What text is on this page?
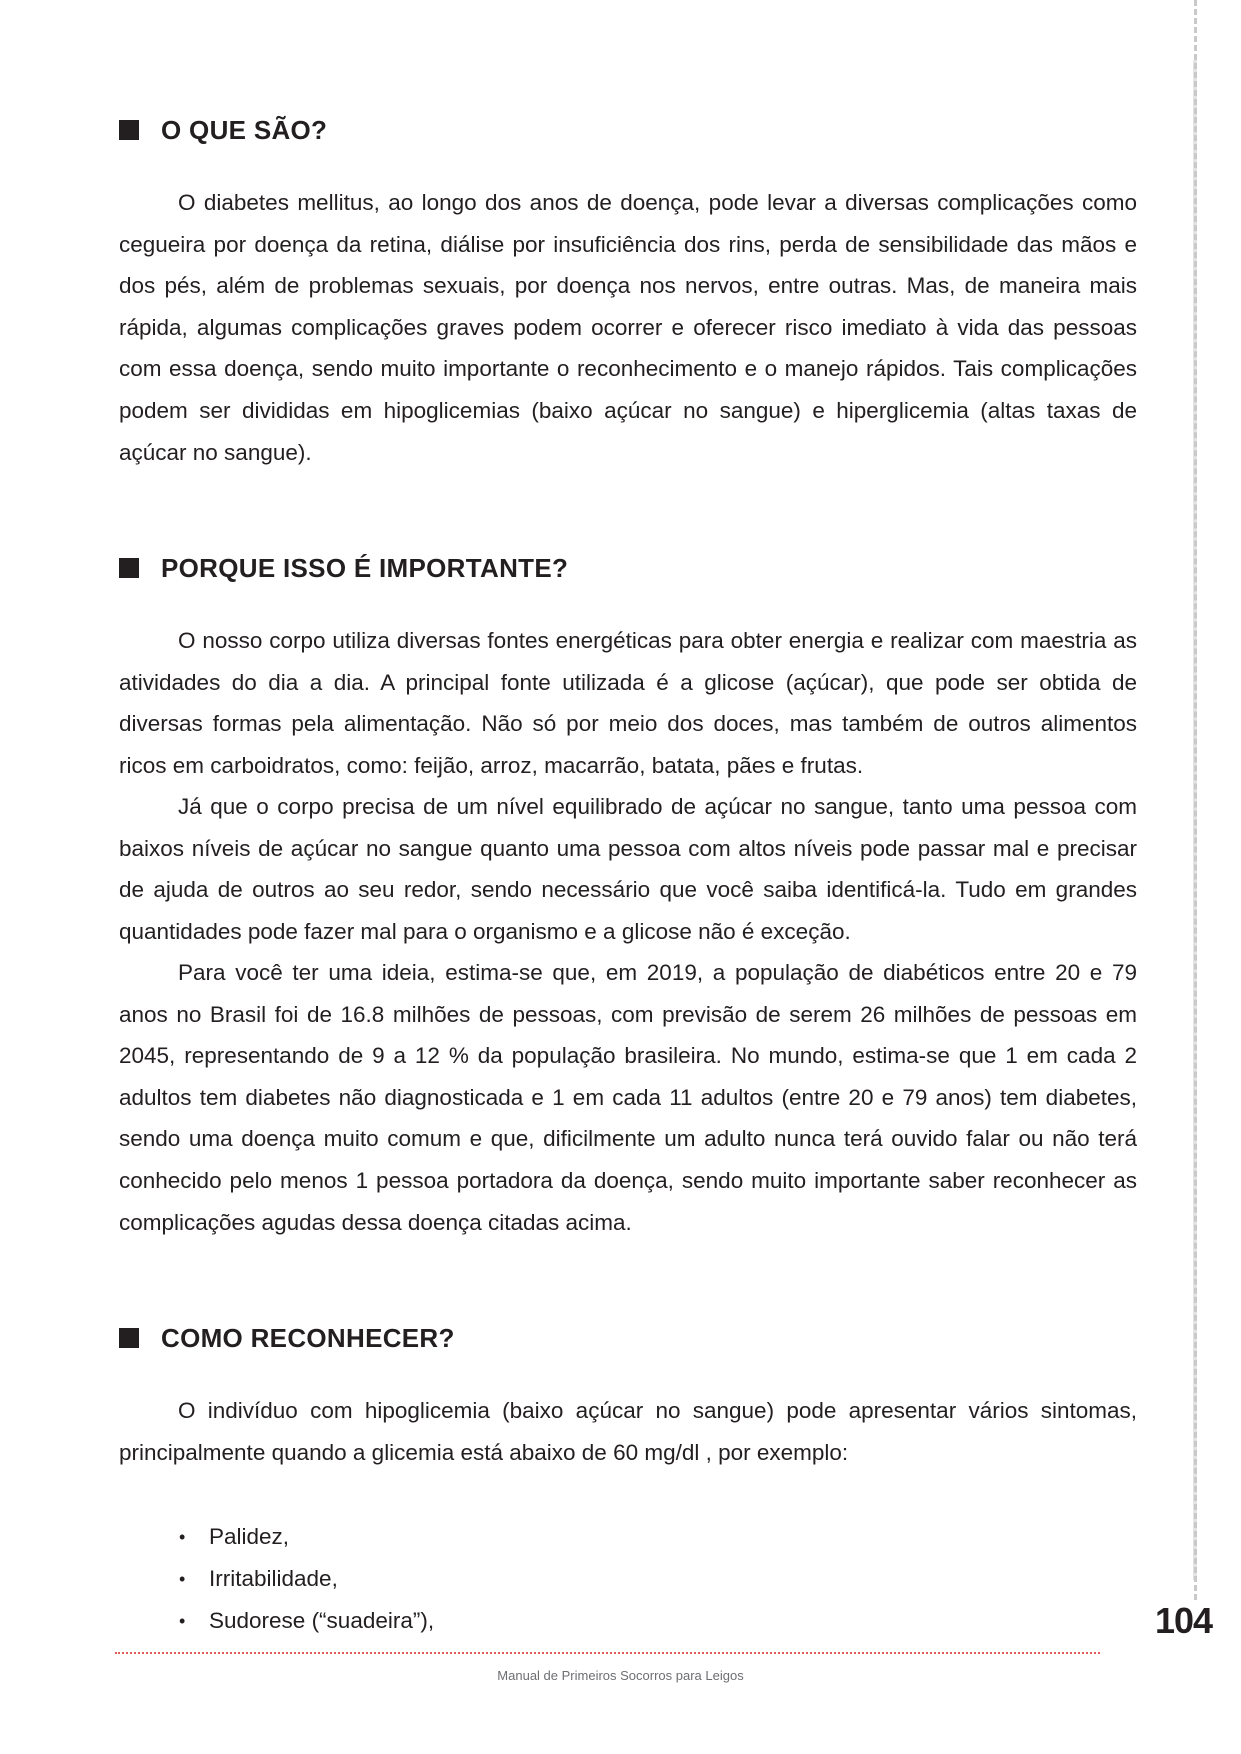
O QUE SÃO?

O diabetes mellitus, ao longo dos anos de doença, pode levar a diversas complicações como cegueira por doença da retina, diálise por insuficiência dos rins, perda de sensibilidade das mãos e dos pés, além de problemas sexuais, por doença nos nervos, entre outras. Mas, de maneira mais rápida, algumas complicações graves podem ocorrer e oferecer risco imediato à vida das pessoas com essa doença, sendo muito importante o reconhecimento e o manejo rápidos. Tais complicações podem ser divididas em hipoglicemias (baixo açúcar no sangue) e hiperglicemia (altas taxas de açúcar no sangue).

PORQUE ISSO É IMPORTANTE?

O nosso corpo utiliza diversas fontes energéticas para obter energia e realizar com maestria as atividades do dia a dia. A principal fonte utilizada é a glicose (açúcar), que pode ser obtida de diversas formas pela alimentação. Não só por meio dos doces, mas também de outros alimentos ricos em carboidratos, como: feijão, arroz, macarrão, batata, pães e frutas.

Já que o corpo precisa de um nível equilibrado de açúcar no sangue, tanto uma pessoa com baixos níveis de açúcar no sangue quanto uma pessoa com altos níveis pode passar mal e precisar de ajuda de outros ao seu redor, sendo necessário que você saiba identificá-la. Tudo em grandes quantidades pode fazer mal para o organismo e a glicose não é exceção.

Para você ter uma ideia, estima-se que, em 2019, a população de diabéticos entre 20 e 79 anos no Brasil foi de 16.8 milhões de pessoas, com previsão de serem 26 milhões de pessoas em 2045, representando de 9 a 12 % da população brasileira. No mundo, estima-se que 1 em cada 2 adultos tem diabetes não diagnosticada e 1 em cada 11 adultos (entre 20 e 79 anos) tem diabetes, sendo uma doença muito comum e que, dificilmente um adulto nunca terá ouvido falar ou não terá conhecido pelo menos 1 pessoa portadora da doença, sendo muito importante saber reconhecer as complicações agudas dessa doença citadas acima.

COMO RECONHECER?

O indivíduo com hipoglicemia (baixo açúcar no sangue) pode apresentar vários sintomas, principalmente quando a glicemia está abaixo de 60 mg/dl , por exemplo:

• Palidez,
• Irritabilidade,
• Sudorese (“suadeira”),	104
Manual de Primeiros Socorros para Leigos
